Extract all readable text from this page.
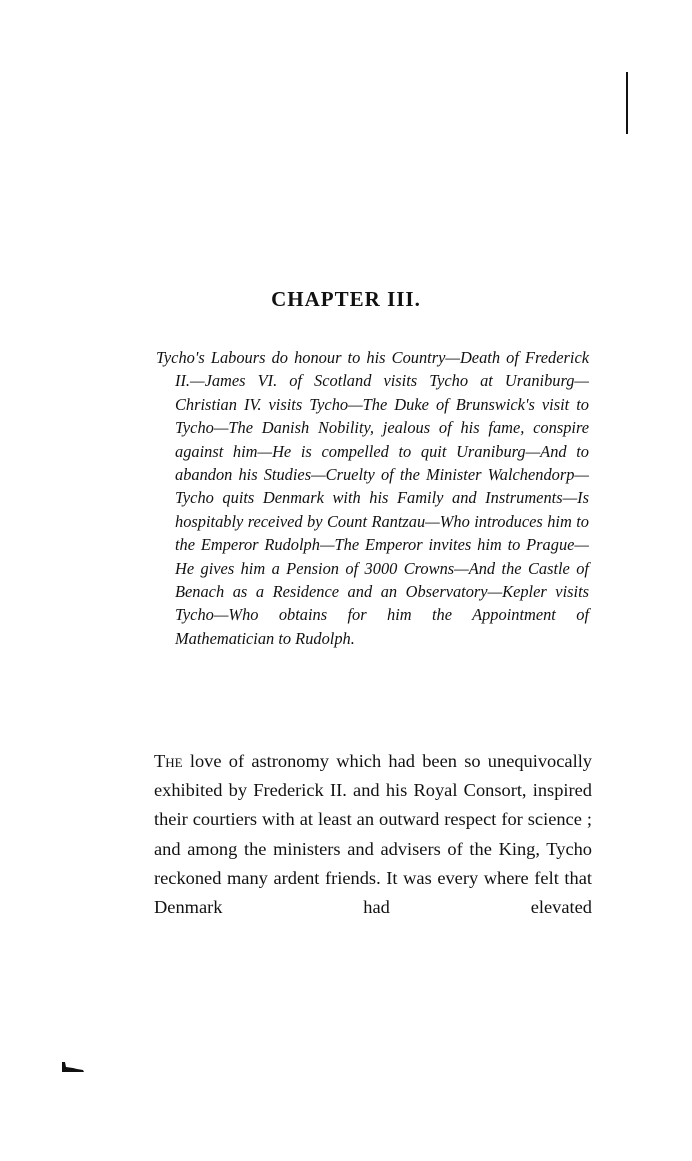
CHAPTER III.

Tycho's Labours do honour to his Country—Death of Frederick II.—James VI. of Scotland visits Tycho at Uraniburg—Christian IV. visits Tycho—The Duke of Brunswick's visit to Tycho—The Danish Nobility, jealous of his fame, conspire against him—He is compelled to quit Uraniburg—And to abandon his Studies—Cruelty of the Minister Walchendorp—Tycho quits Denmark with his Family and Instruments—Is hospitably received by Count Rantzau—Who introduces him to the Emperor Rudolph—The Emperor invites him to Prague—He gives him a Pension of 3000 Crowns—And the Castle of Benach as a Residence and an Observatory—Kepler visits Tycho—Who obtains for him the Appointment of Mathematician to Rudolph.

The love of astronomy which had been so unequivocally exhibited by Frederick II. and his Royal Consort, inspired their courtiers with at least an outward respect for science ; and among the ministers and advisers of the King, Tycho reckoned many ardent friends. It was every where felt that Denmark had elevated
